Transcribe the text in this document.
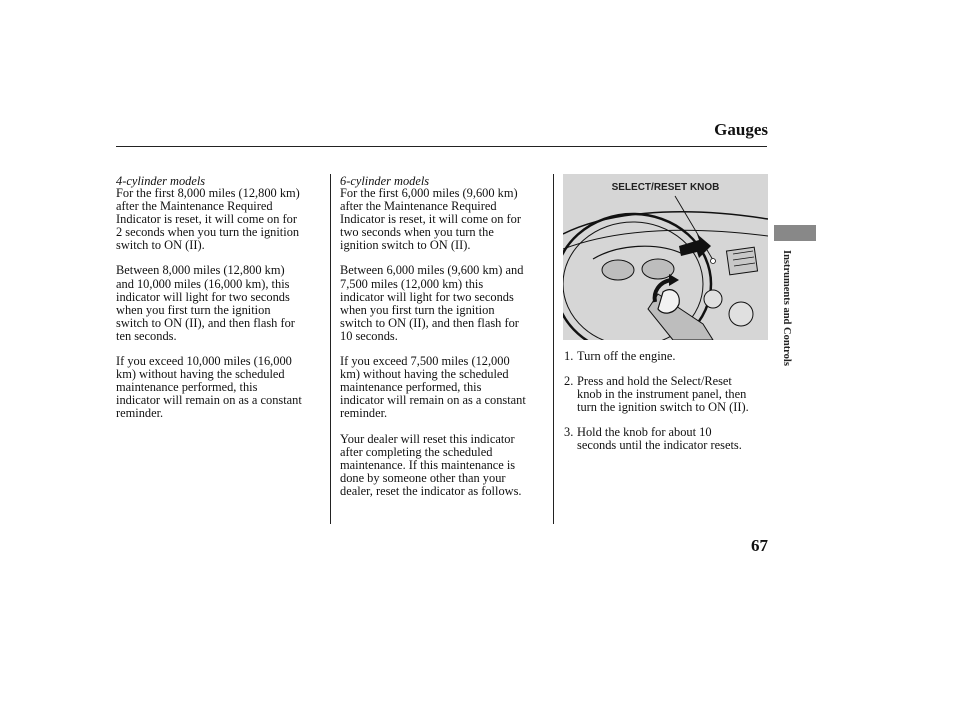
Gauges
4-cylinder models

For the first 8,000 miles (12,800 km)
after the Maintenance Required
Indicator is reset, it will come on for
2 seconds when you turn the ignition
switch to ON (II).

Between 8,000 miles (12,800 km)
and 10,000 miles (16,000 km), this
indicator will light for two seconds
when you first turn the ignition
switch to ON (II), and then flash for
ten seconds.

If you exceed 10,000 miles (16,000
km) without having the scheduled
maintenance performed, this
indicator will remain on as a constant
reminder.

6-cylinder models

For the first 6,000 miles (9,600 km)
after the Maintenance Required
Indicator is reset, it will come on for
two seconds when you turn the
ignition switch to ON (II).

Between 6,000 miles (9,600 km) and
7,500 miles (12,000 km) this
indicator will light for two seconds
when you first turn the ignition
switch to ON (II), and then flash for
10 seconds.

If you exceed 7,500 miles (12,000
km) without having the scheduled
maintenance performed, this
indicator will remain on as a constant
reminder.

Your dealer will reset this indicator
after completing the scheduled
maintenance. If this maintenance is
done by someone other than your
dealer, reset the indicator as follows.

SELECT/RESET KNOB
1. Turn off the engine.
2. Press and hold the Select/Reset
knob in the instrument panel, then
turn the ignition switch to ON (II).
3. Hold the knob for about 10
seconds until the indicator resets.
Instruments and Controls
67
